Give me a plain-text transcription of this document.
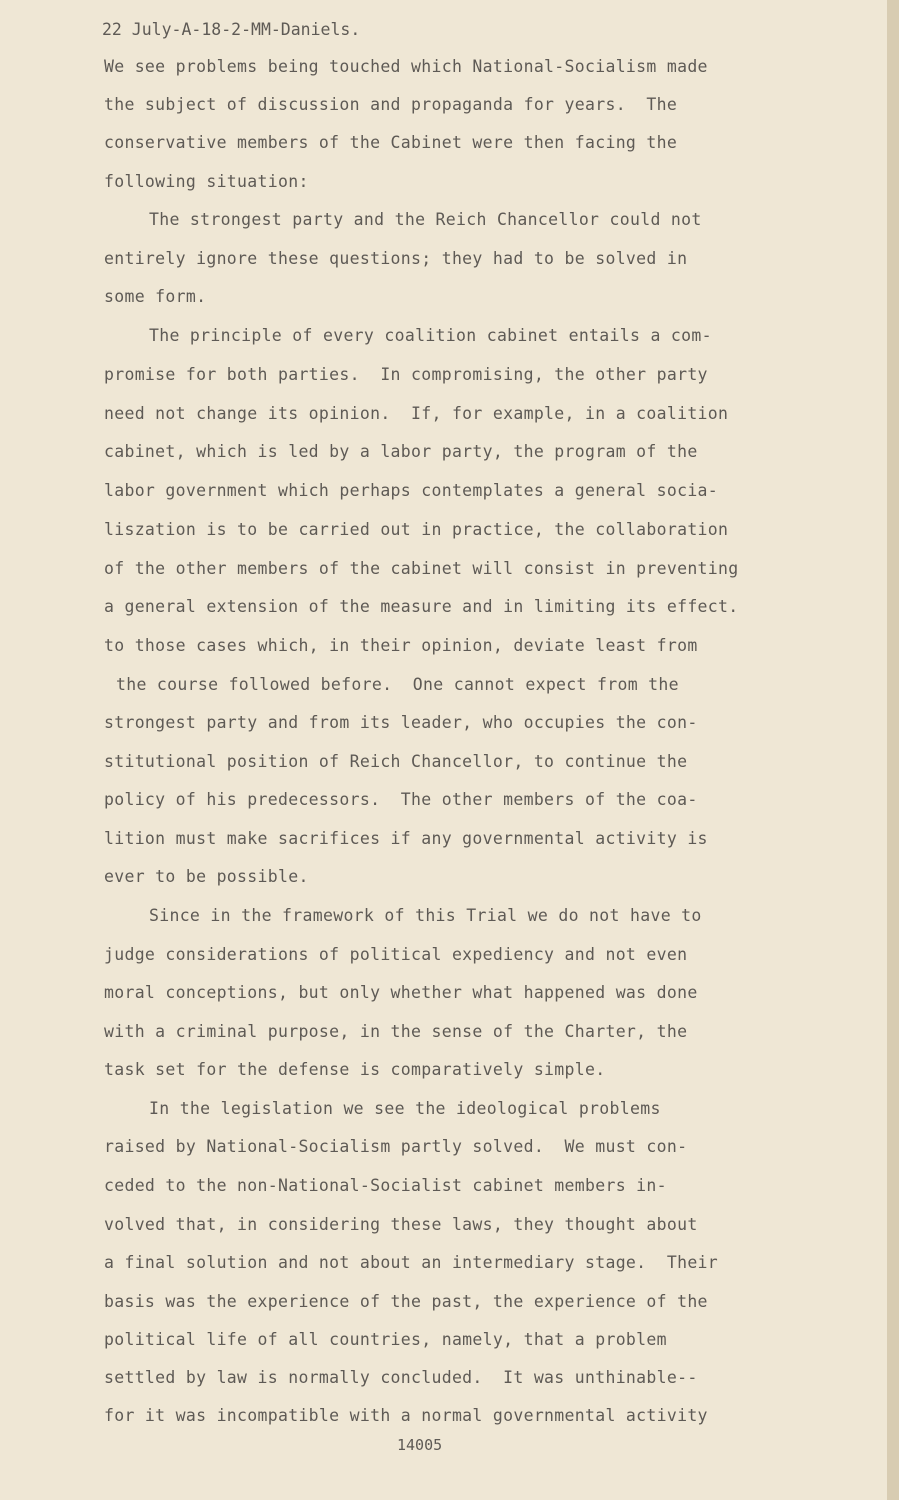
22 July-A-18-2-MM-Daniels.

We see problems being touched which National-Socialism made

the subject of discussion and propaganda for years.  The

conservative members of the Cabinet were then facing the

following situation:

The strongest party and the Reich Chancellor could not

entirely ignore these questions; they had to be solved in

some form.

The principle of every coalition cabinet entails a com-

promise for both parties.  In compromising, the other party

need not change its opinion.  If, for example, in a coalition

cabinet, which is led by a labor party, the program of the

labor government which perhaps contemplates a general socia-

liszation is to be carried out in practice, the collaboration

of the other members of the cabinet will consist in preventing

a general extension of the measure and in limiting its effect.

to those cases which, in their opinion, deviate least from

the course followed before.  One cannot expect from the

strongest party and from its leader, who occupies the con-

stitutional position of Reich Chancellor, to continue the

policy of his predecessors.  The other members of the coa-

lition must make sacrifices if any governmental activity is

ever to be possible.

Since in the framework of this Trial we do not have to

judge considerations of political expediency and not even

moral conceptions, but only whether what happened was done

with a criminal purpose, in the sense of the Charter, the

task set for the defense is comparatively simple.

In the legislation we see the ideological problems

raised by National-Socialism partly solved.  We must con-

ceded to the non-National-Socialist cabinet members in-

volved that, in considering these laws, they thought about

a final solution and not about an intermediary stage.  Their

basis was the experience of the past, the experience of the

political life of all countries, namely, that a problem

settled by law is normally concluded.  It was unthinable--

for it was incompatible with a normal governmental activity

14005
